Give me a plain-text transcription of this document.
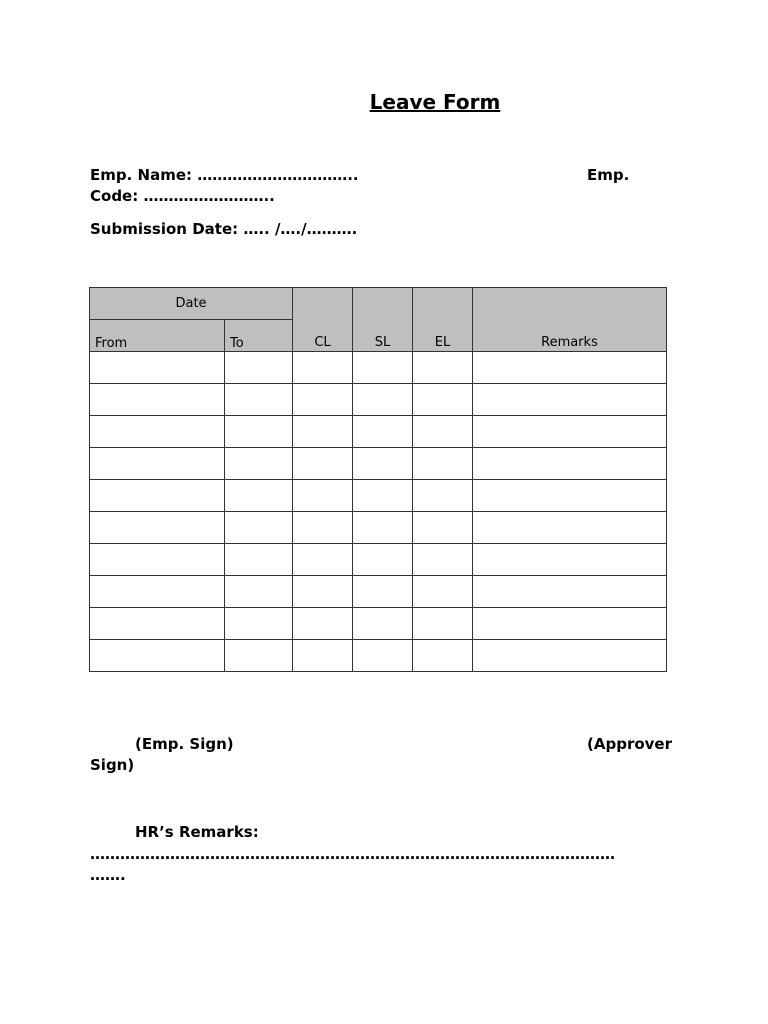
Leave Form
Emp. Name: …………………………..	Emp.
Code: ……………………..
Submission Date: ….. /…./……….
Date		CL	SL	EL	Remarks
From	To				

(Emp. Sign)	(Approver
Sign)
HR’s Remarks:
……………………………………………………………………………………………
…….
